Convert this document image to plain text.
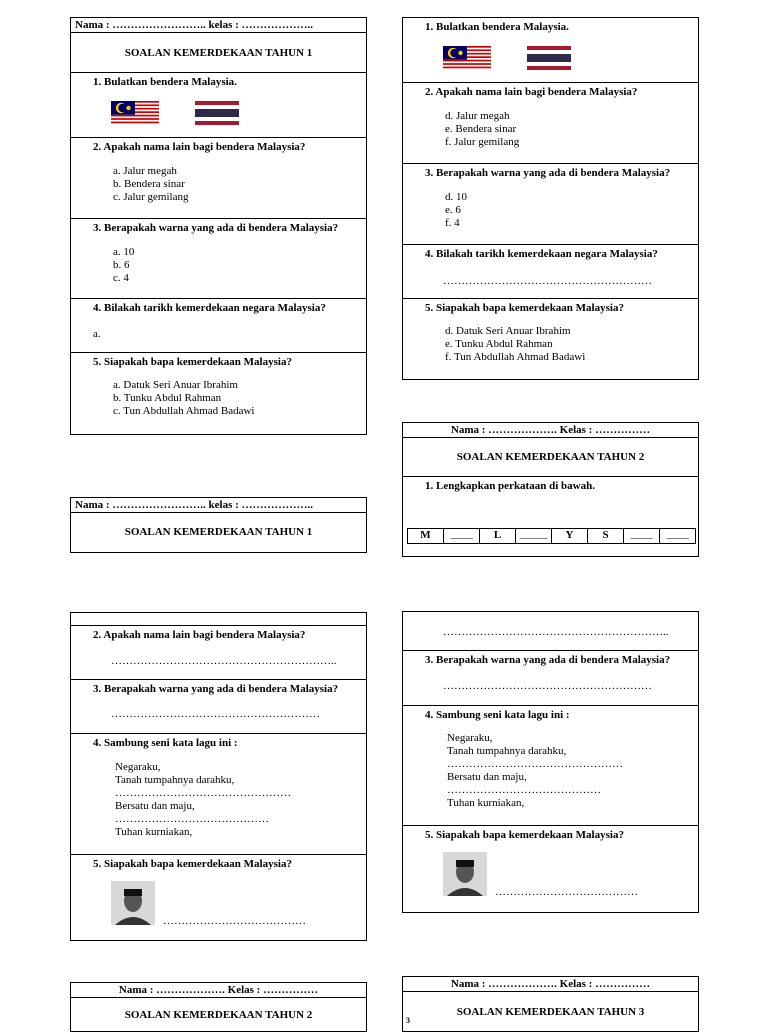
Nama : …………………….. kelas : ………………..
SOALAN KEMERDEKAAN TAHUN 1
1. Bulatkan bendera Malaysia.
2. Apakah nama lain bagi bendera Malaysia?
a. Jalur megah
b. Bendera sinar
c. Jalur gemilang
3. Berapakah warna yang ada di bendera Malaysia?
a. 10
b. 6
c. 4
4. Bilakah tarikh kemerdekaan negara Malaysia?
a.
5. Siapakah bapa kemerdekaan Malaysia?
a. Datuk Seri Anuar Ibrahim
b. Tunku Abdul Rahman
c. Tun Abdullah Ahmad Badawi
Nama : …………………….. kelas : ………………..
SOALAN KEMERDEKAAN TAHUN 1
2. Apakah nama lain bagi bendera Malaysia?
……………………………………………………..
3. Berapakah warna yang ada di bendera Malaysia?
…………………………………………………
4. Sambung seni kata lagu ini :
Negaraku,
Tanah tumpahnya darahku,
…………………………………………
Bersatu dan maju,
……………………………………
Tuhan kurniakan,
5. Siapakah bapa kemerdekaan Malaysia?
…………………………………
Nama : ………………. Kelas : ……………
SOALAN KEMERDEKAAN TAHUN 2
1. Bulatkan bendera Malaysia.
2. Apakah nama lain bagi bendera Malaysia?
d. Jalur megah
e. Bendera sinar
f. Jalur gemilang
3. Berapakah warna yang ada di bendera Malaysia?
d. 10
e. 6
f. 4
4. Bilakah tarikh kemerdekaan negara Malaysia?
…………………………………………………
5. Siapakah bapa kemerdekaan Malaysia?
d. Datuk Seri Anuar Ibrahim
e. Tunku Abdul Rahman
f. Tun Abdullah Ahmad Badawi
Nama : ………………. Kelas : ……………
SOALAN KEMERDEKAAN TAHUN 2
1. Lengkapkan perkataan di bawah.
M	____	L	_____	Y	S	____	____
……………………………………………………..
3. Berapakah warna yang ada di bendera Malaysia?
…………………………………………………
4. Sambung seni kata lagu ini :
Negaraku,
Tanah tumpahnya darahku,
…………………………………………
Bersatu dan maju,
……………………………………
Tuhan kurniakan,
5. Siapakah bapa kemerdekaan Malaysia?
…………………………………
Nama : ………………. Kelas : ……………
SOALAN KEMERDEKAAN TAHUN 3
3
